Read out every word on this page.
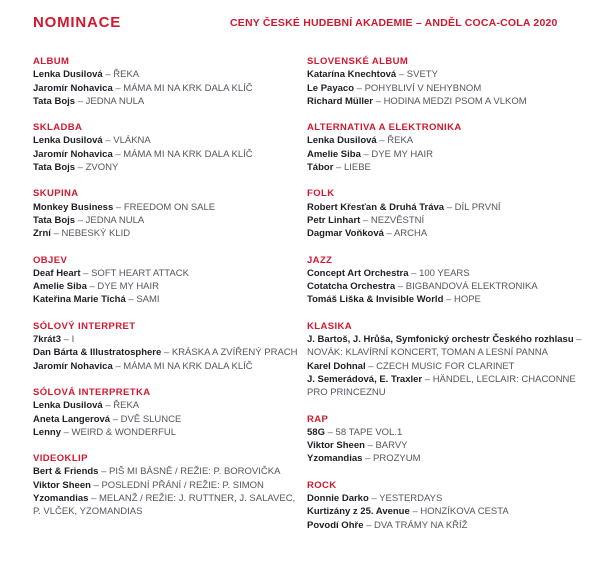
NOMINACE	CENY ČESKÉ HUDEBNÍ AKADEMIE – ANDĚL COCA-COLA 2020
ALBUM

Lenka Dusilová – ŘEKA

Jaromír Nohavica – MÁMA MI NA KRK DALA KLÍČ

Tata Bojs – JEDNA NULA

SKLADBA

Lenka Dusilová – VLÁKNA

Jaromír Nohavica – MÁMA MI NA KRK DALA KLÍČ

Tata Bojs – ZVONY

SKUPINA

Monkey Business – FREEDOM ON SALE

Tata Bojs – JEDNA NULA

Zrní – NEBESKÝ KLID

OBJEV

Deaf Heart – SOFT HEART ATTACK

Amelie Siba – DYE MY HAIR

Kateřina Marie Tichá – SAMI

SÓLOVÝ INTERPRET

7krát3 – I

Dan Bárta & Illustratosphere – KRÁSKA A ZVÍŘENÝ PRACH

Jaromír Nohavica – MÁMA MI NA KRK DALA KLÍČ

SÓLOVÁ INTERPRETKA

Lenka Dusilová – ŘEKA

Aneta Langerová – DVĚ SLUNCE

Lenny – WEIRD & WONDERFUL

VIDEOKLIP

Bert & Friends – PIŠ MI BÁSNĚ / REŽIE: P. BOROVIČKA

Viktor Sheen – POSLEDNÍ PŘÁNÍ / REŽIE: P. SIMON

Yzomandias – MELANŽ / REŽIE: J. RUTTNER, J. SALAVEC, P. VLČEK, YZOMANDIAS

SLOVENSKÉ ALBUM

Katarína Knechtová – SVETY

Le Payaco – POHYBLIVÍ V NEHYBNOM

Richard Müller – HODINA MEDZI PSOM A VLKOM

ALTERNATIVA A ELEKTRONIKA

Lenka Dusilová – ŘEKA

Amelie Siba – DYE MY HAIR

Tábor – LIEBE

FOLK

Robert Křesťan & Druhá Tráva – DÍL PRVNÍ

Petr Linhart – NEZVĚSTNÍ

Dagmar Voňková – ARCHA

JAZZ

Concept Art Orchestra – 100 YEARS

Cotatcha Orchestra – BIGBANDOVÁ ELEKTRONIKA

Tomáš Liška & Invisible World – HOPE

KLASIKA

J. Bartoš, J. Hrůša, Symfonický orchestr Českého rozhlasu – NOVÁK: KLAVÍRNÍ KONCERT, TOMAN A LESNÍ PANNA

Karel Dohnal – CZECH MUSIC FOR CLARINET

J. Semerádová, E. Traxler – HÄNDEL, LECLAIR: CHACONNE PRO PRINCEZNU

RAP

58G – 58 TAPE VOL.1

Viktor Sheen – BARVY

Yzomandias – PROZYUM

ROCK

Donnie Darko – YESTERDAYS

Kurtizány z 25. Avenue – HONZÍKOVA CESTA

Povodí Ohře – DVA TRÁMY NA KŘÍŽ
